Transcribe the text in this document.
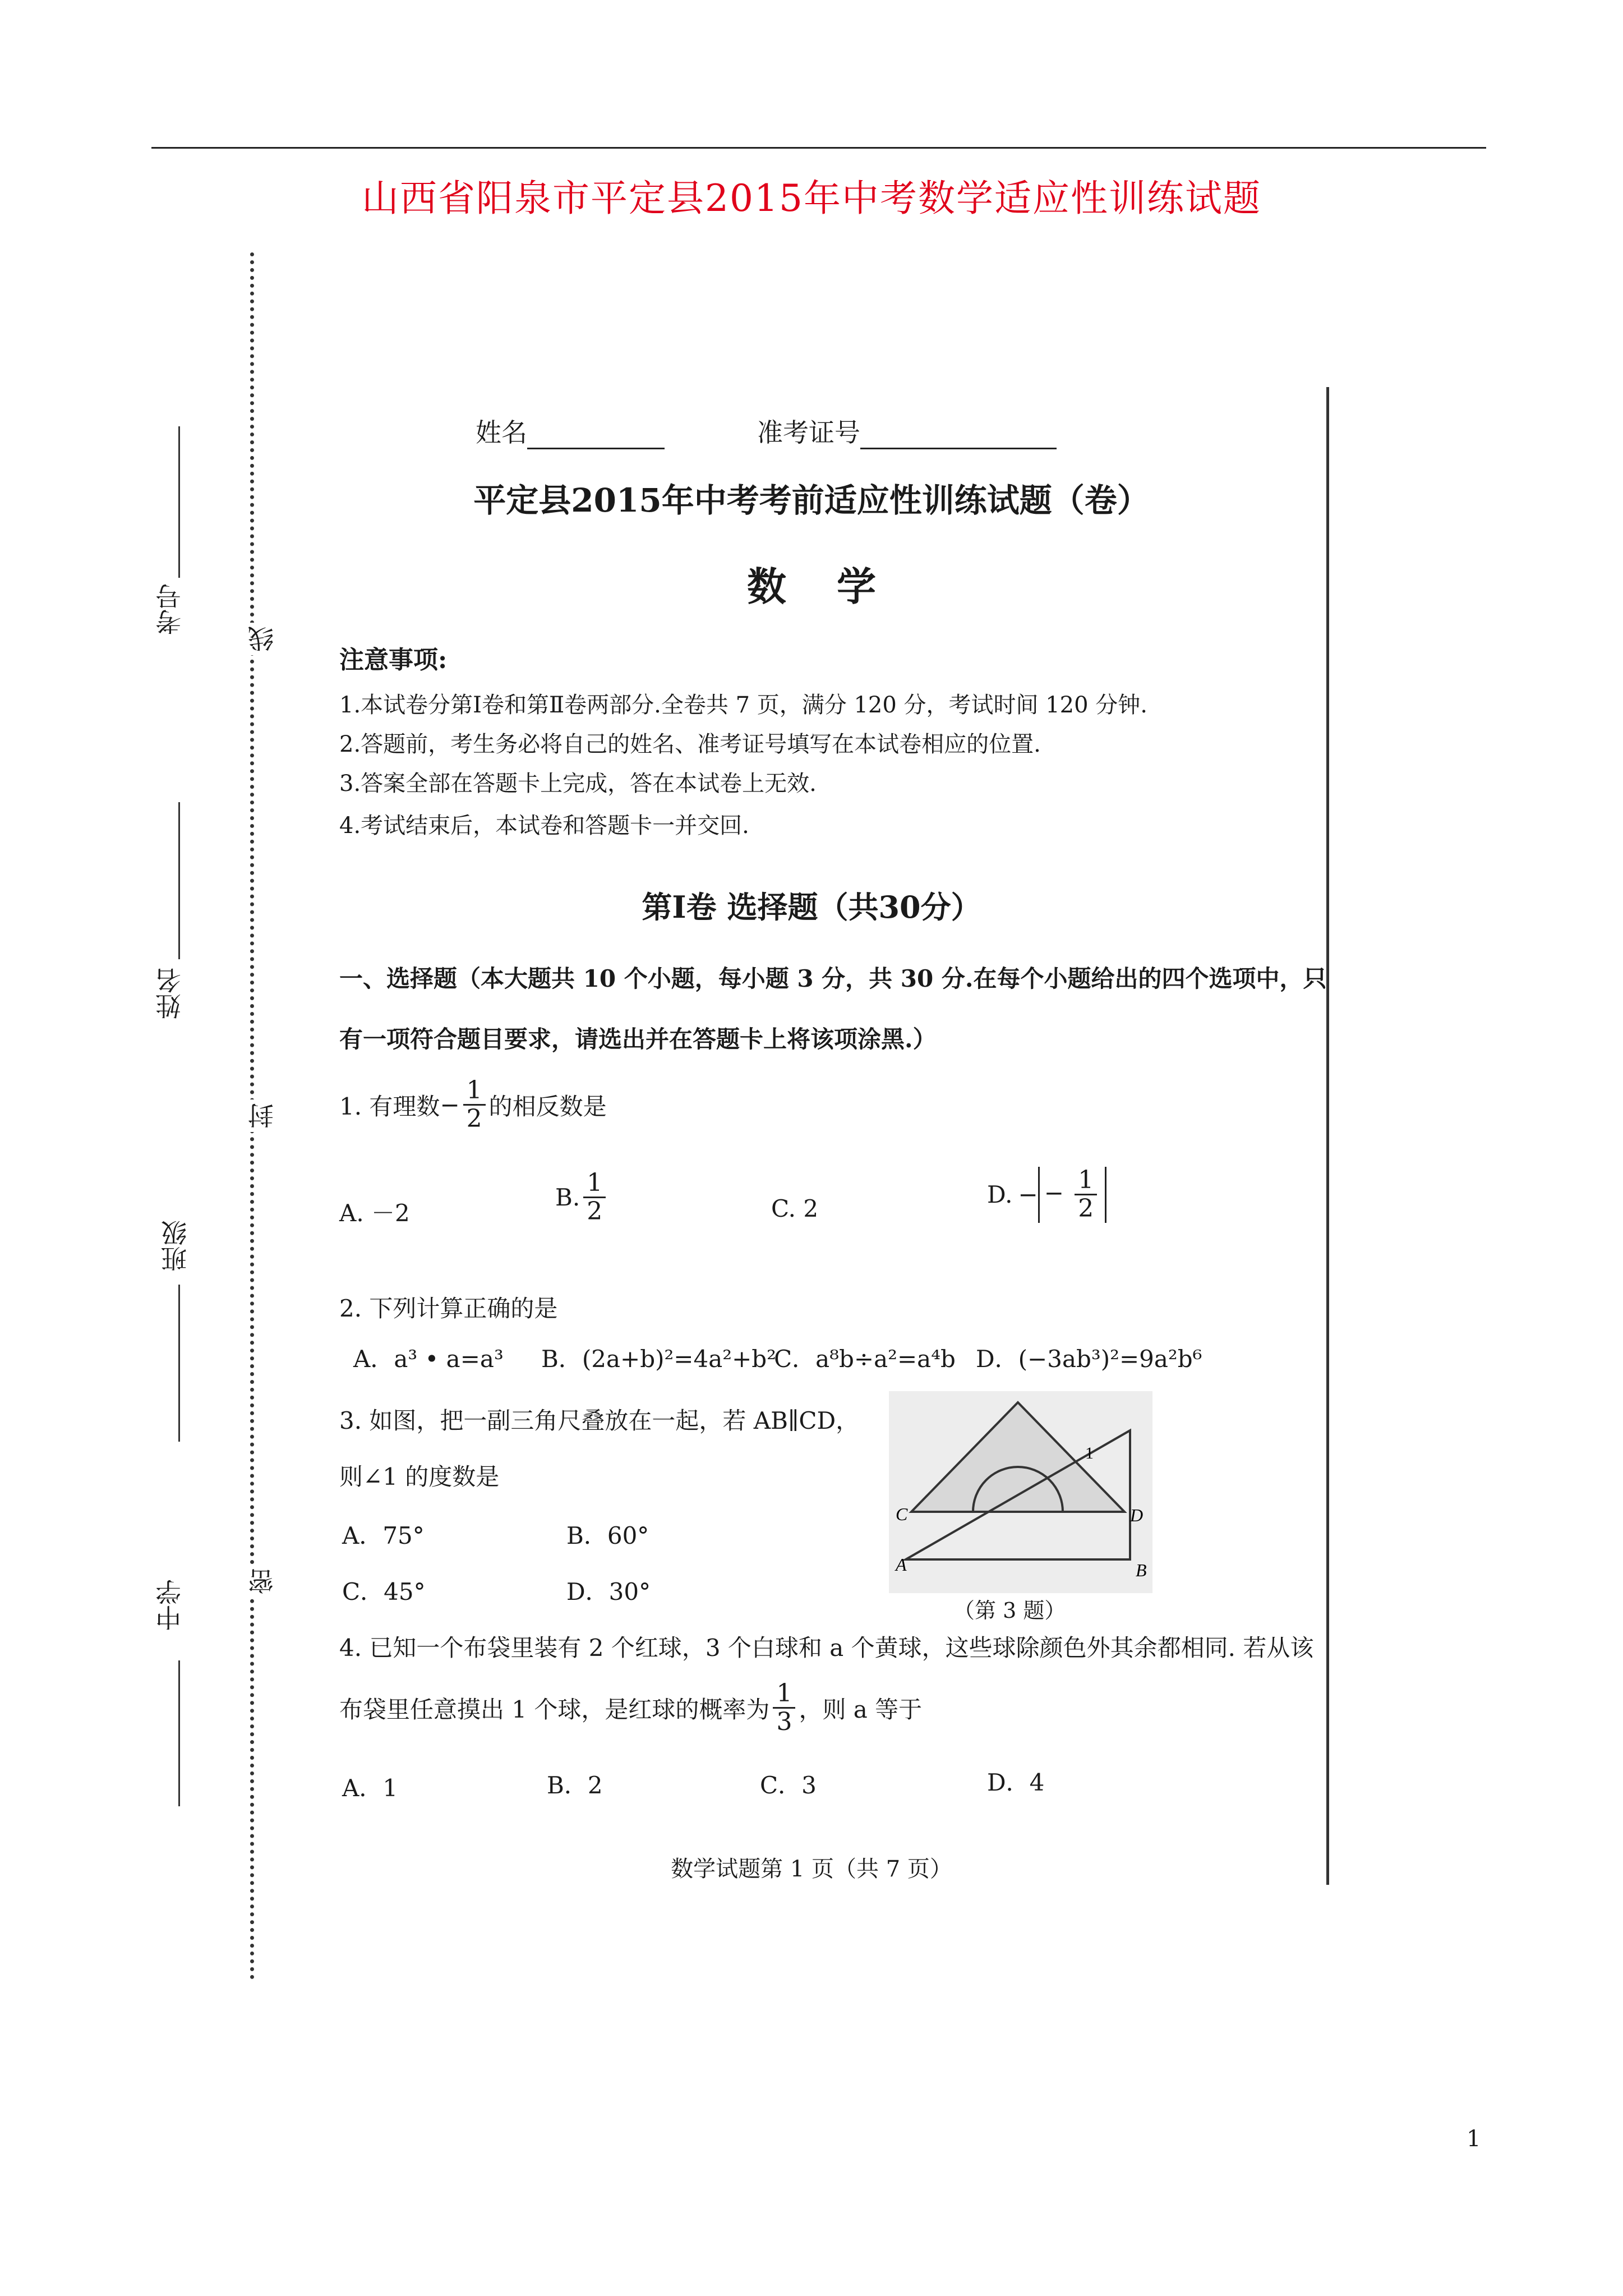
山西省阳泉市平定县2015年中考数学适应性训练试题
考号
姓名
班级
中学
线
封
密
姓名	准考证号
平定县2015年中考考前适应性训练试题（卷）
数学
注意事项:
1.本试卷分第Ⅰ卷和第Ⅱ卷两部分.全卷共 7 页，满分 120 分，考试时间 120 分钟.
2.答题前，考生务必将自己的姓名、准考证号填写在本试卷相应的位置.
3.答案全部在答题卡上完成，答在本试卷上无效.
4.考试结束后，本试卷和答题卡一并交回.
第Ⅰ卷 选择题（共30分）
一、选择题（本大题共 10 个小题，每小题 3 分，共 30 分.在每个小题给出的四个选项中，只
有一项符合题目要求，请选出并在答题卡上将该项涂黑.）
1. 有理数 − $\frac{1}{2}$ 的相反数是
A. －2
B. $\frac{1}{2}$	C. 2
D. − − $\frac{1}{2}$
2. 下列计算正确的是
A．a³ • a=a³ B．(2a+b)²=4a²+b²
C．a⁸b÷a²=a⁴b D．(−3ab³)²=9a²b⁶
3. 如图，把一副三角尺叠放在一起，若 AB∥CD，
则∠1 的度数是
A．75°	B．60°
C．45°	D．30°
C	D
A	B
1
（第 3 题）
4. 已知一个布袋里装有 2 个红球，3 个白球和 a 个黄球，这些球除颜色外其余都相同. 若从该
布袋里任意摸出 1 个球，是红球的概率为 $\frac{1}{3}$ ，则 a 等于
A．1	B．2	C．3	D．4
数学试题第 1 页（共 7 页）
1
